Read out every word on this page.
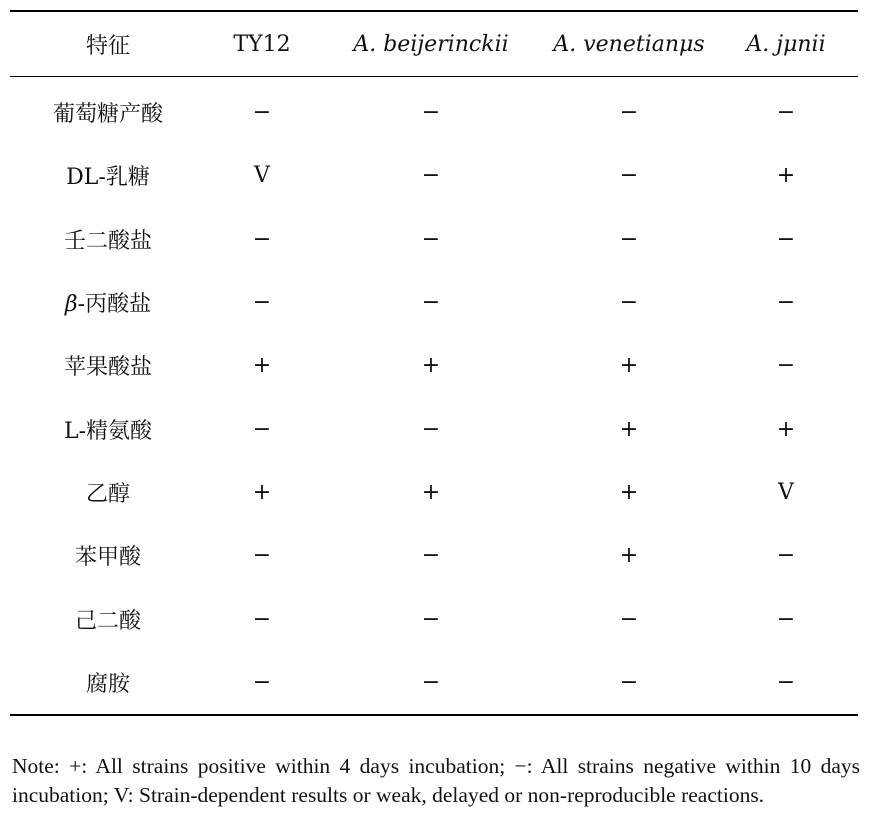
特征	TY12	A. beijerinckii	A. venetianμs	A. jμnii
葡萄糖产酸	−	−	−	−
DL-乳糖	V	−	−	+
壬二酸盐	−	−	−	−
β-丙酸盐	−	−	−	−
苹果酸盐	+	+	+	−
L-精氨酸	−	−	+	+
乙醇	+	+	+	V
苯甲酸	−	−	+	−
己二酸	−	−	−	−
腐胺	−	−	−	−

Note: +: All strains positive within 4 days incubation; −: All strains negative within 10 days incubation; V: Strain-dependent results or weak, delayed or non-reproducible reactions.
